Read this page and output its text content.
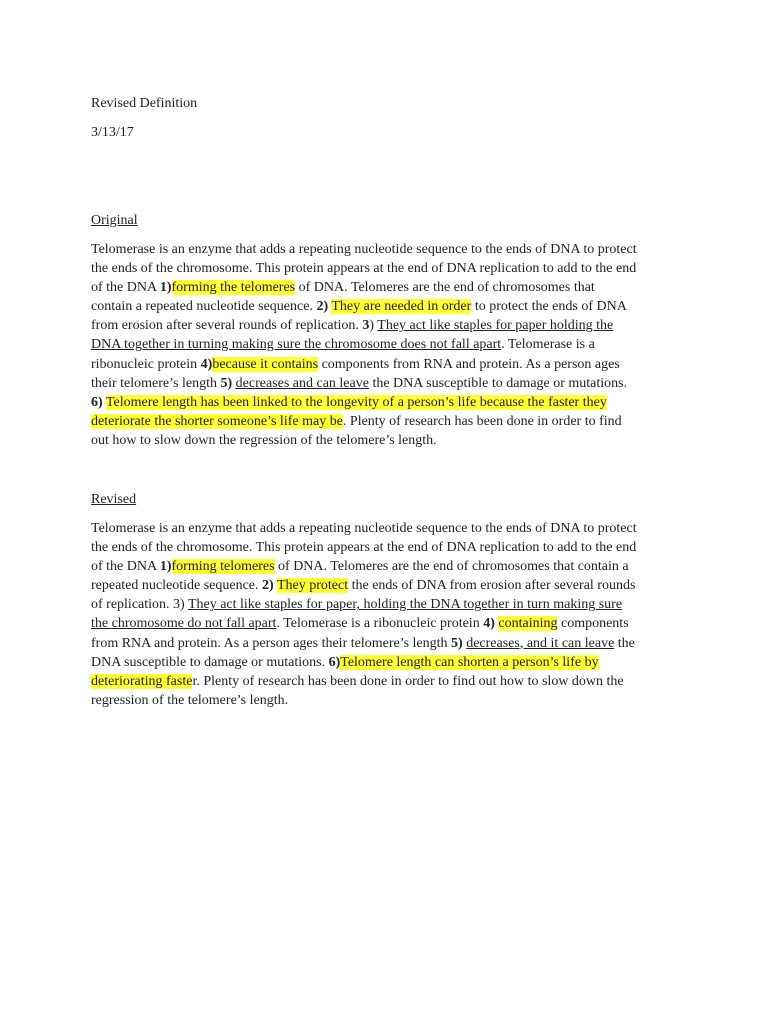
Revised Definition
3/13/17
Original
Telomerase is an enzyme that adds a repeating nucleotide sequence to the ends of DNA to protect
the ends of the chromosome. This protein appears at the end of DNA replication to add to the end
of the DNA 1)forming the telomeres of DNA. Telomeres are the end of chromosomes that
contain a repeated nucleotide sequence. 2) They are needed in order to protect the ends of DNA
from erosion after several rounds of replication. 3) They act like staples for paper holding the
DNA together in turning making sure the chromosome does not fall apart. Telomerase is a
ribonucleic protein 4)because it contains components from RNA and protein. As a person ages
their telomere’s length 5) decreases and can leave the DNA susceptible to damage or mutations.
6) Telomere length has been linked to the longevity of a person’s life because the faster they
deteriorate the shorter someone’s life may be. Plenty of research has been done in order to find
out how to slow down the regression of the telomere’s length.
Revised
Telomerase is an enzyme that adds a repeating nucleotide sequence to the ends of DNA to protect
the ends of the chromosome. This protein appears at the end of DNA replication to add to the end
of the DNA 1)forming telomeres of DNA. Telomeres are the end of chromosomes that contain a
repeated nucleotide sequence. 2) They protect the ends of DNA from erosion after several rounds
of replication. 3) They act like staples for paper, holding the DNA together in turn making sure
the chromosome do not fall apart. Telomerase is a ribonucleic protein 4) containing components
from RNA and protein. As a person ages their telomere’s length 5) decreases, and it can leave the
DNA susceptible to damage or mutations. 6)Telomere length can shorten a person’s life by
deteriorating faster. Plenty of research has been done in order to find out how to slow down the
regression of the telomere’s length.
